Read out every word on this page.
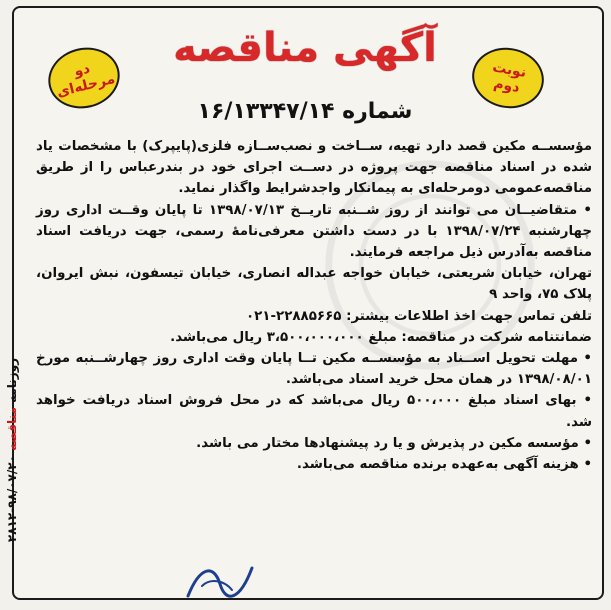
دو
مرحله‌ای
نوبت
دوم
آگهی مناقصه
شماره ۱۶/۱۳۳۴۷/۱۴

مؤسســه مکین قصد دارد تهیه، ســاخت و نصب‌ســازه فلزی(پایپرک) با مشخصات یاد شده در اسناد مناقصه جهت پروژه در دســت اجرای خود در بندرعباس را از طریق مناقصه‌عمومی دومرحله‌ای به پیمانکار واجدشرایط واگذار نماید.

• متقاضیــان می توانند از روز شــنبه تاریــخ ۱۳۹۸/۰۷/۱۳ تا پایان وقــت اداری روز چهارشنبه ۱۳۹۸/۰۷/۲۴ با در دست داشتن معرفی‌نامهٔ رسمی، جهت دریافت اسناد مناقصه به‌آدرس ذیل مراجعه فرمایند.

تهران، خیابان شریعتی، خیابان خواجه عبداله انصاری، خیابان تیسفون، نبش ایروان، پلاک ۷۵، واحد ۹

تلفن تماس جهت اخذ اطلاعات بیشتر: ۲۲۸۸۵۶۶۵-۰۲۱

ضمانتنامه شرکت در مناقصه: مبلغ ۳،۵۰۰،۰۰۰،۰۰۰ ریال می‌باشد.

• مهلت تحویل اســناد به مؤسســه مکین تــا پایان وقت اداری روز چهارشــنبه مورخ ۱۳۹۸/۰۸/۰۱ در همان محل خرید اسناد می‌باشد.

• بهای اسناد مبلغ ۵۰۰،۰۰۰ ریال می‌باشد که در محل فروش اسناد دریافت خواهد شد.

• مؤسسه مکین در پذیرش و یا رد پیشنهادها مختار می باشد.

• هزینه آگهی به‌عهده برنده مناقصه می‌باشد.

روزنامه مناقصه ۹۸/۰۷/۲۰-۲۸۱۲
